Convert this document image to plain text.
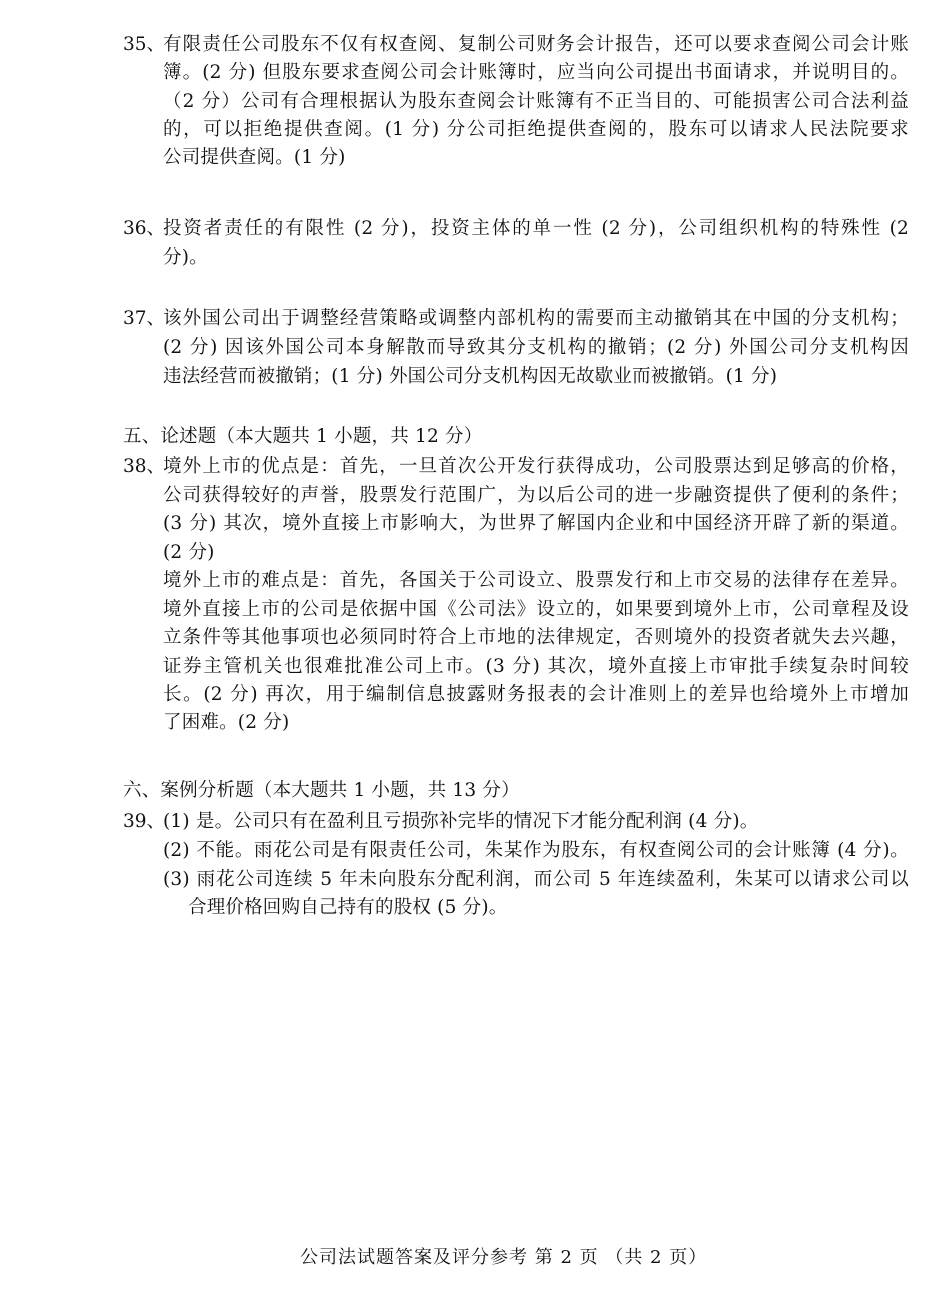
35、
有限责任公司股东不仅有权查阅、复制公司财务会计报告，还可以要求查阅公司会计账
簿。(2 分) 但股东要求查阅公司会计账簿时，应当向公司提出书面请求，并说明目的。
（2 分）公司有合理根据认为股东查阅会计账簿有不正当目的、可能损害公司合法利益
的，可以拒绝提供查阅。(1 分) 分公司拒绝提供查阅的，股东可以请求人民法院要求
公司提供查阅。(1 分)
36、
投资者责任的有限性 (2 分)，投资主体的单一性 (2 分)，公司组织机构的特殊性 (2
分)。
37、
该外国公司出于调整经营策略或调整内部机构的需要而主动撤销其在中国的分支机构；
(2 分) 因该外国公司本身解散而导致其分支机构的撤销；(2 分) 外国公司分支机构因
违法经营而被撤销；(1 分) 外国公司分支机构因无故歇业而被撤销。(1 分)
五、论述题（本大题共 1 小题，共 12 分）
38、
境外上市的优点是：首先，一旦首次公开发行获得成功，公司股票达到足够高的价格，
公司获得较好的声誉，股票发行范围广，为以后公司的进一步融资提供了便利的条件；
(3 分) 其次，境外直接上市影响大，为世界了解国内企业和中国经济开辟了新的渠道。
(2 分)
境外上市的难点是：首先，各国关于公司设立、股票发行和上市交易的法律存在差异。
境外直接上市的公司是依据中国《公司法》设立的，如果要到境外上市，公司章程及设
立条件等其他事项也必须同时符合上市地的法律规定，否则境外的投资者就失去兴趣，
证券主管机关也很难批准公司上市。(3 分) 其次，境外直接上市审批手续复杂时间较
长。(2 分) 再次，用于编制信息披露财务报表的会计准则上的差异也给境外上市增加
了困难。(2 分)
六、案例分析题（本大题共 1 小题，共 13 分）
39、
(1) 是。公司只有在盈利且亏损弥补完毕的情况下才能分配利润 (4 分)。
(2) 不能。雨花公司是有限责任公司，朱某作为股东，有权查阅公司的会计账簿 (4 分)。
(3) 雨花公司连续 5 年未向股东分配利润，而公司 5 年连续盈利，朱某可以请求公司以
合理价格回购自己持有的股权 (5 分)。
公司法试题答案及评分参考 第 2 页 （共 2 页）
